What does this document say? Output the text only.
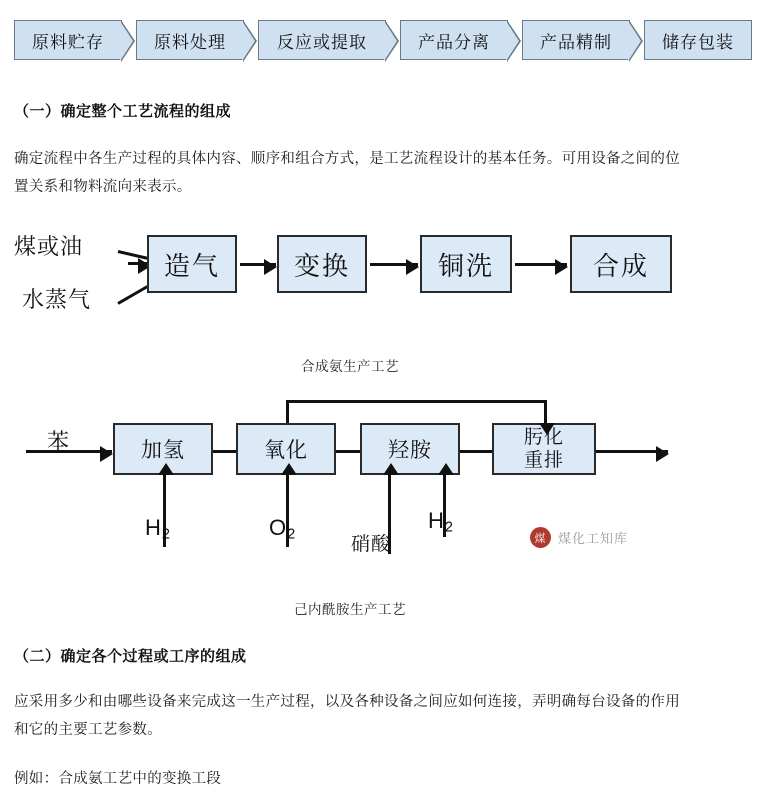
原料贮存	原料处理	反应或提取	产品分离	产品精制	储存包装
（一）确定整个工艺流程的组成
确定流程中各生产过程的具体内容、顺序和组合方式，是工艺流程设计的基本任务。可用设备之间的位
置关系和物料流向来表示。
煤或油
水蒸气
造气	变换	铜洗	合成
合成氨生产工艺
苯	加氢	氧化	羟胺
肟化
重排
$H_2$	$O_2$	硝酸
$H_2$
煤 煤化工知库
己内酰胺生产工艺
（二）确定各个过程或工序的组成
应采用多少和由哪些设备来完成这一生产过程，以及各种设备之间应如何连接，弄明确每台设备的作用
和它的主要工艺参数。
例如：合成氨工艺中的变换工段
